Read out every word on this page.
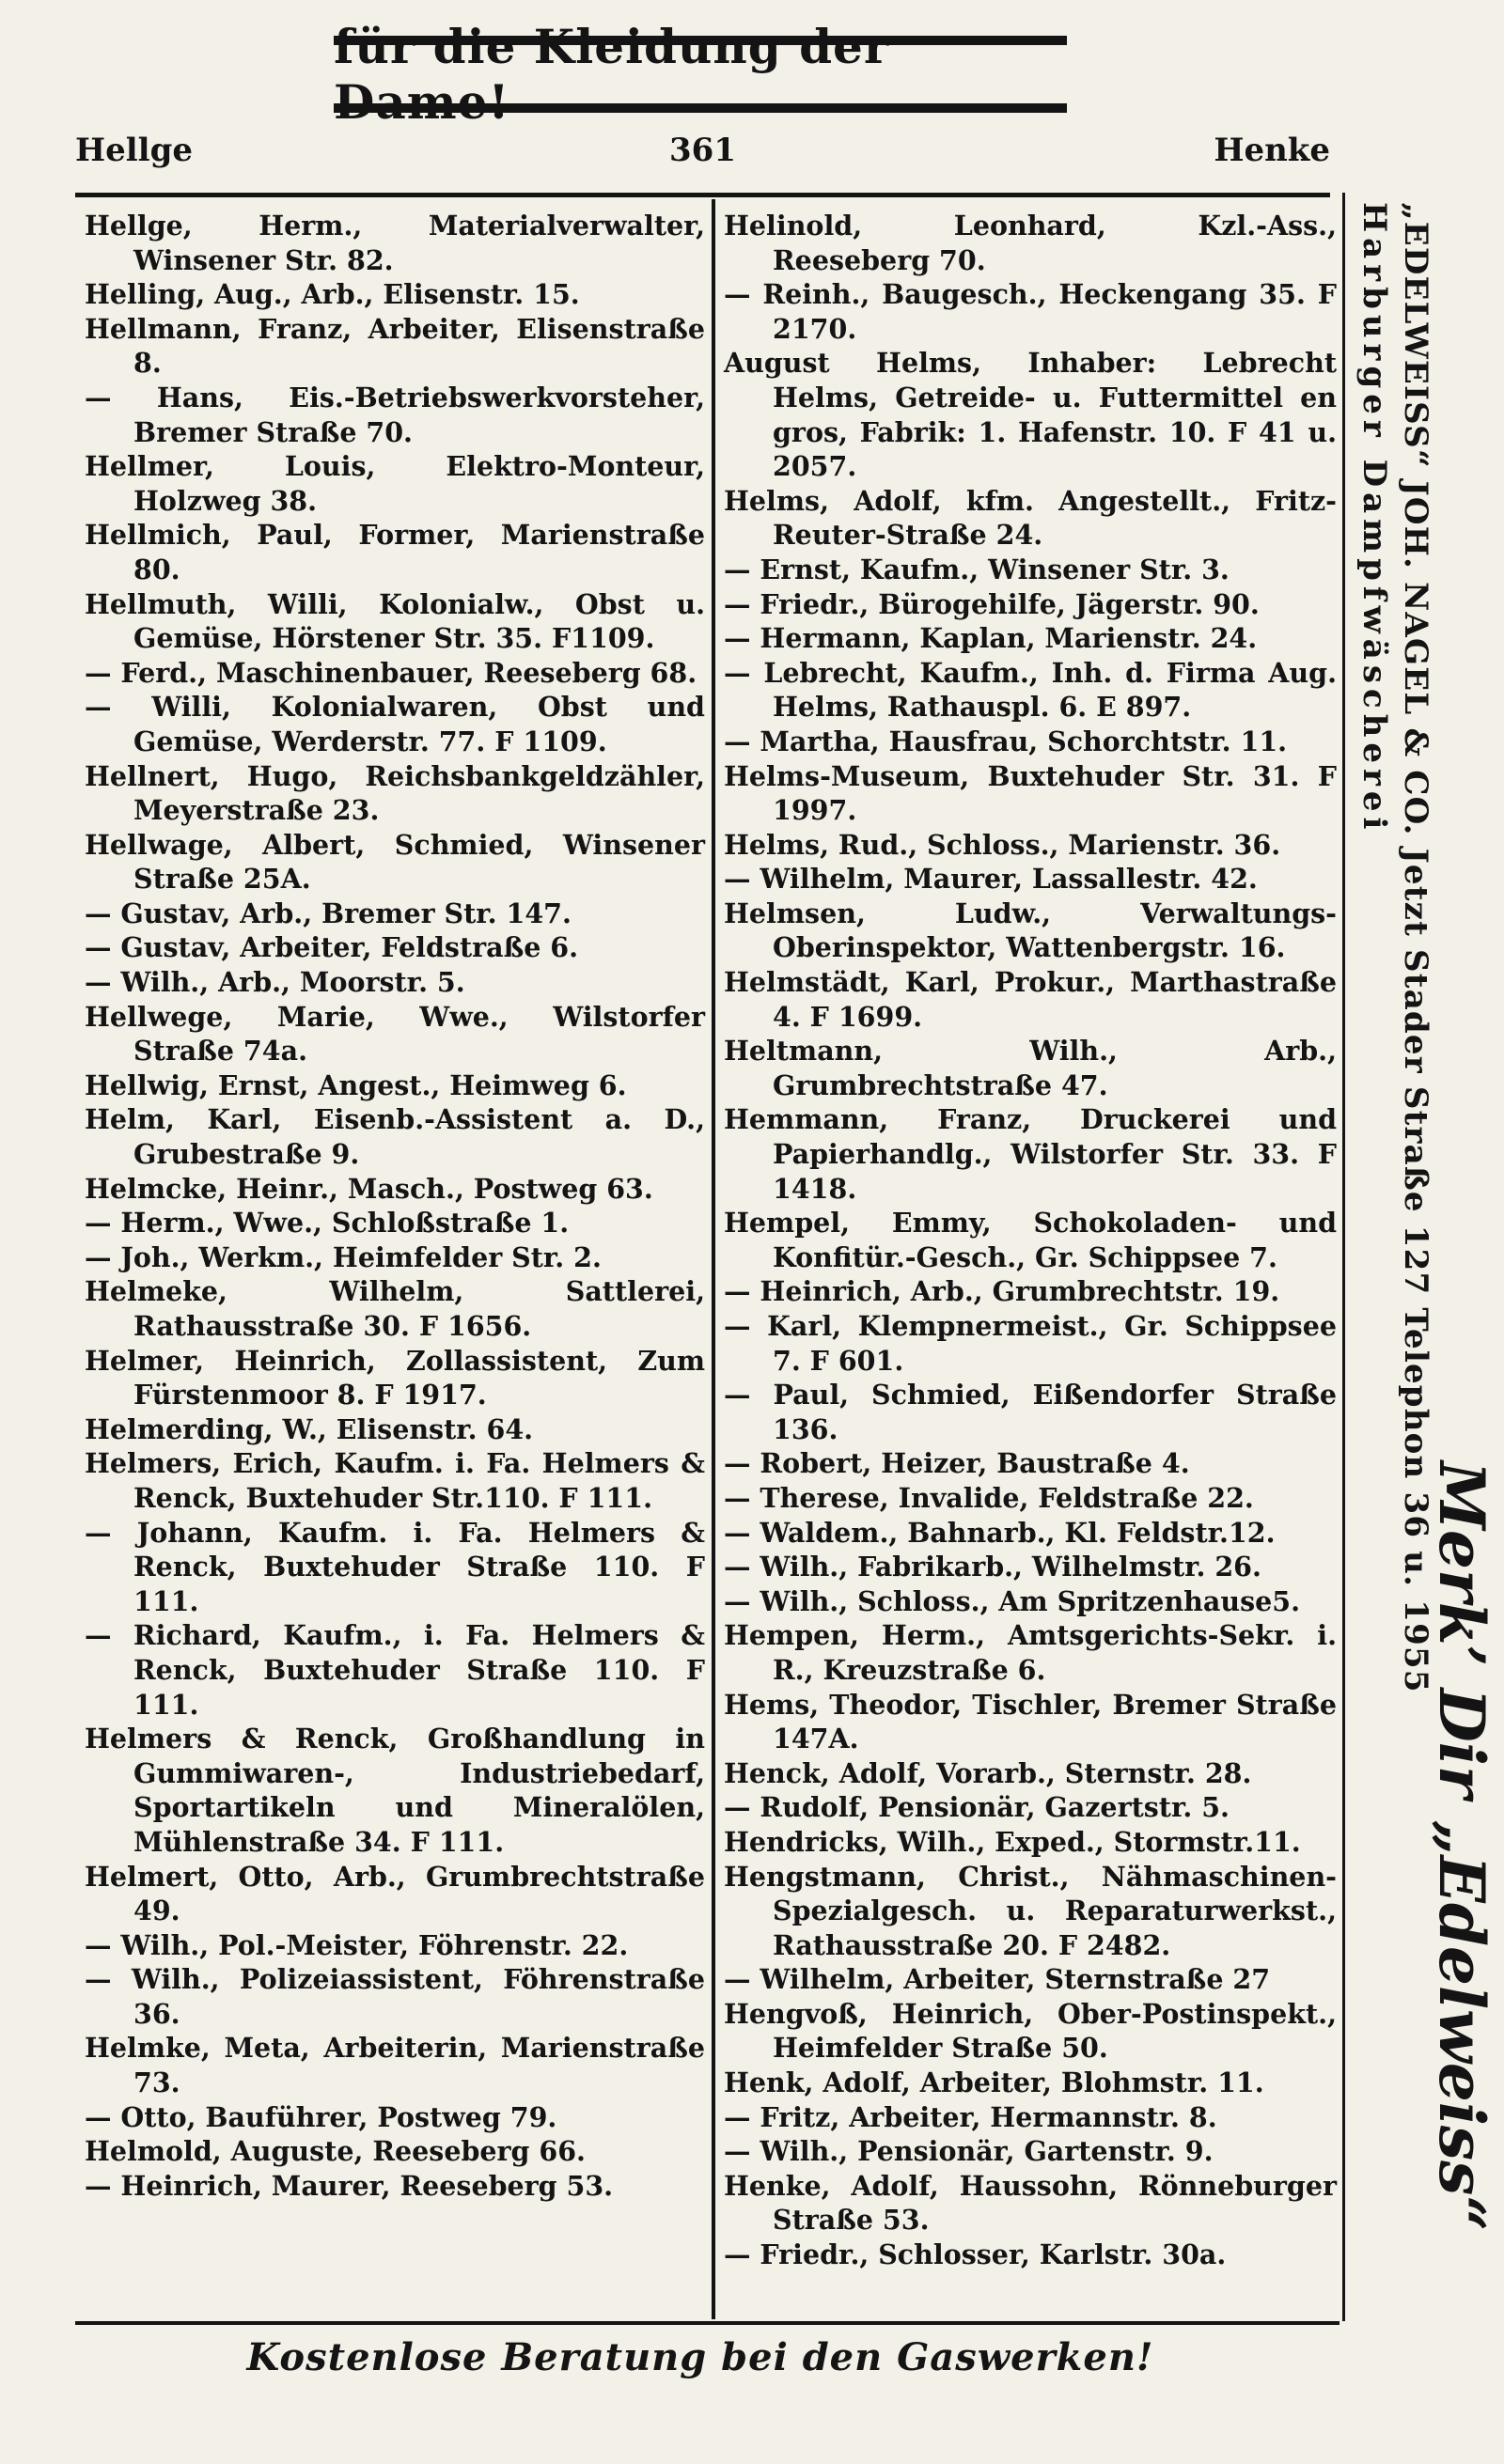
für die Kleidung der Dame!
Hellge	361	Henke

Hellge, Herm., Materialverwalter, Winsener Str. 82.

Helling, Aug., Arb., Elisenstr. 15.

Hellmann, Franz, Arbeiter, Elisenstraße 8.

— Hans, Eis.-Betriebswerkvorsteher, Bremer Straße 70.

Hellmer, Louis, Elektro-Monteur, Holzweg 38.

Hellmich, Paul, Former, Marienstraße 80.

Hellmuth, Willi, Kolonialw., Obst u. Gemüse, Hörstener Str. 35. F1109.

— Ferd., Maschinenbauer, Reeseberg 68.

— Willi, Kolonialwaren, Obst und Gemüse, Werderstr. 77. F 1109.

Hellnert, Hugo, Reichsbankgeldzähler, Meyerstraße 23.

Hellwage, Albert, Schmied, Winsener Straße 25A.

— Gustav, Arb., Bremer Str. 147.

— Gustav, Arbeiter, Feldstraße 6.

— Wilh., Arb., Moorstr. 5.

Hellwege, Marie, Wwe., Wilstorfer Straße 74a.

Hellwig, Ernst, Angest., Heimweg 6.

Helm, Karl, Eisenb.-Assistent a. D., Grubestraße 9.

Helmcke, Heinr., Masch., Postweg 63.

— Herm., Wwe., Schloßstraße 1.

— Joh., Werkm., Heimfelder Str. 2.

Helmeke, Wilhelm, Sattlerei, Rathausstraße 30. F 1656.

Helmer, Heinrich, Zollassistent, Zum Fürstenmoor 8. F 1917.

Helmerding, W., Elisenstr. 64.

Helmers, Erich, Kaufm. i. Fa. Helmers & Renck, Buxtehuder Str.110. F 111.

— Johann, Kaufm. i. Fa. Helmers & Renck, Buxtehuder Straße 110. F 111.

— Richard, Kaufm., i. Fa. Helmers & Renck, Buxtehuder Straße 110. F 111.

Helmers & Renck, Großhandlung in Gummiwaren-, Industriebedarf, Sportartikeln und Mineralölen, Mühlenstraße 34. F 111.

Helmert, Otto, Arb., Grumbrechtstraße 49.

— Wilh., Pol.-Meister, Föhrenstr. 22.

— Wilh., Polizeiassistent, Föhrenstraße 36.

Helmke, Meta, Arbeiterin, Marienstraße 73.

— Otto, Bauführer, Postweg 79.

Helmold, Auguste, Reeseberg 66.

— Heinrich, Maurer, Reeseberg 53.

Helinold, Leonhard, Kzl.-Ass., Reeseberg 70.

— Reinh., Baugesch., Heckengang 35. F 2170.

August Helms, Inhaber: Lebrecht Helms, Getreide- u. Futtermittel en gros, Fabrik: 1. Hafenstr. 10. F 41 u. 2057.

Helms, Adolf, kfm. Angestellt., Fritz-Reuter-Straße 24.

— Ernst, Kaufm., Winsener Str. 3.

— Friedr., Bürogehilfe, Jägerstr. 90.

— Hermann, Kaplan, Marienstr. 24.

— Lebrecht, Kaufm., Inh. d. Firma Aug. Helms, Rathauspl. 6. E 897.

— Martha, Hausfrau, Schorchtstr. 11.

Helms-Museum, Buxtehuder Str. 31. F 1997.

Helms, Rud., Schloss., Marienstr. 36.

— Wilhelm, Maurer, Lassallestr. 42.

Helmsen, Ludw., Verwaltungs-Oberinspektor, Wattenbergstr. 16.

Helmstädt, Karl, Prokur., Marthastraße 4. F 1699.

Heltmann, Wilh., Arb., Grumbrechtstraße 47.

Hemmann, Franz, Druckerei und Papierhandlg., Wilstorfer Str. 33. F 1418.

Hempel, Emmy, Schokoladen- und Konfitür.-Gesch., Gr. Schippsee 7.

— Heinrich, Arb., Grumbrechtstr. 19.

— Karl, Klempnermeist., Gr. Schippsee 7. F 601.

— Paul, Schmied, Eißendorfer Straße 136.

— Robert, Heizer, Baustraße 4.

— Therese, Invalide, Feldstraße 22.

— Waldem., Bahnarb., Kl. Feldstr.12.

— Wilh., Fabrikarb., Wilhelmstr. 26.

— Wilh., Schloss., Am Spritzenhause5.

Hempen, Herm., Amtsgerichts-Sekr. i. R., Kreuzstraße 6.

Hems, Theodor, Tischler, Bremer Straße 147A.

Henck, Adolf, Vorarb., Sternstr. 28.

— Rudolf, Pensionär, Gazertstr. 5.

Hendricks, Wilh., Exped., Stormstr.11.

Hengstmann, Christ., Nähmaschinen-Spezialgesch. u. Reparaturwerkst., Rathausstraße 20. F 2482.

— Wilhelm, Arbeiter, Sternstraße 27

Hengvoß, Heinrich, Ober-Postinspekt., Heimfelder Straße 50.

Henk, Adolf, Arbeiter, Blohmstr. 11.

— Fritz, Arbeiter, Hermannstr. 8.

— Wilh., Pensionär, Gartenstr. 9.

Henke, Adolf, Haussohn, Rönneburger Straße 53.

— Friedr., Schlosser, Karlstr. 30a.

Harburger Dampfwäscherei „EDELWEISS“ JOH. NAGEL & CO. Jetzt Stader Straße 127 Telephon 36 u. 1955
Merk’ Dir „Edelweiss“
Kostenlose Beratung bei den Gaswerken!
